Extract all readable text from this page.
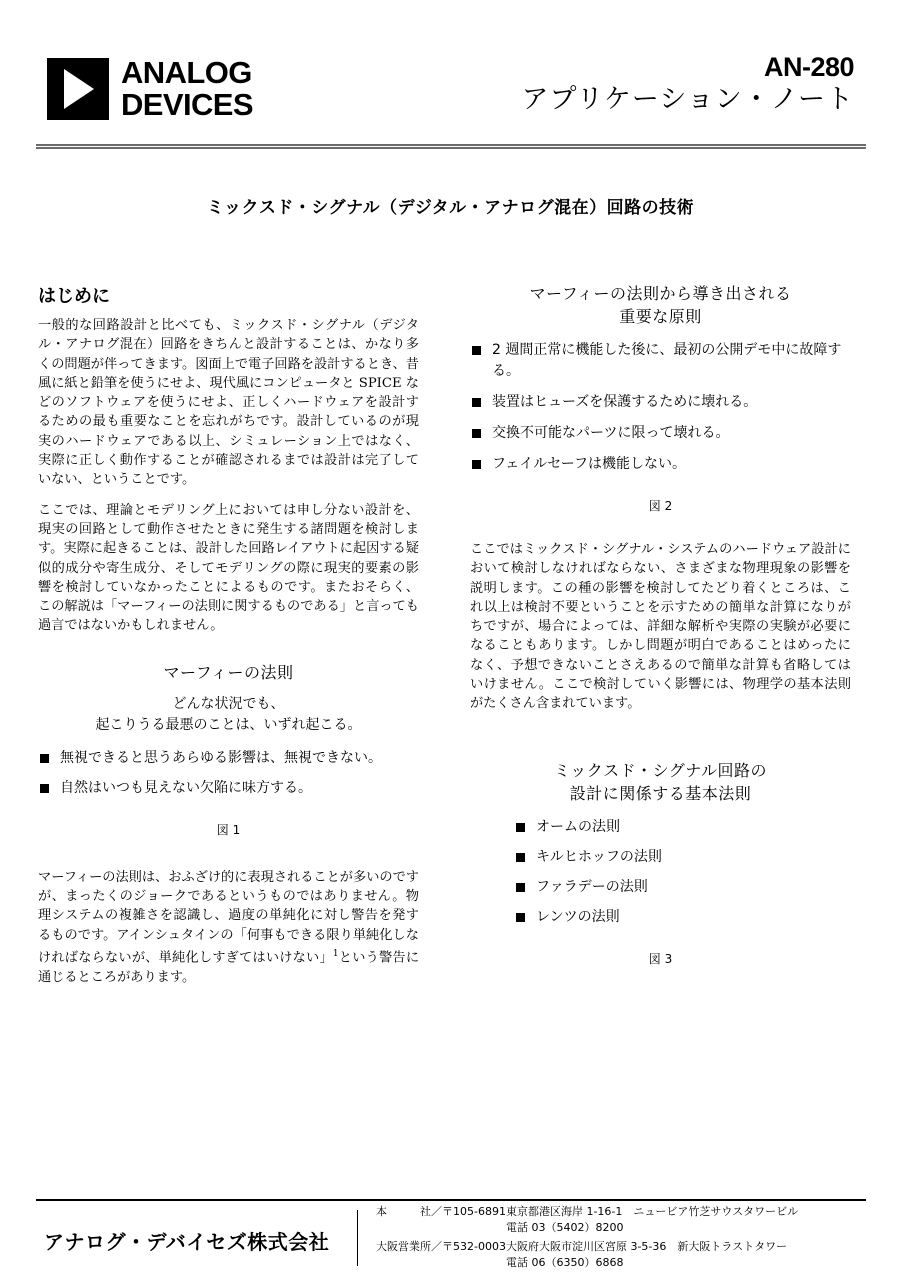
ANALOG
DEVICES
AN-280
アプリケーション・ノート
ミックスド・シグナル（デジタル・アナログ混在）回路の技術
はじめに

一般的な回路設計と比べても、ミックスド・シグナル（デジタル・アナログ混在）回路をきちんと設計することは、かなり多くの問題が伴ってきます。図面上で電子回路を設計するとき、昔風に紙と鉛筆を使うにせよ、現代風にコンピュータと SPICE などのソフトウェアを使うにせよ、正しくハードウェアを設計するための最も重要なことを忘れがちです。設計しているのが現実のハードウェアである以上、シミュレーション上ではなく、実際に正しく動作することが確認されるまでは設計は完了していない、ということです。

ここでは、理論とモデリング上においては申し分ない設計を、現実の回路として動作させたときに発生する諸問題を検討します。実際に起きることは、設計した回路レイアウトに起因する疑似的成分や寄生成分、そしてモデリングの際に現実的要素の影響を検討していなかったことによるものです。またおそらく、この解説は「マーフィーの法則に関するものである」と言っても過言ではないかもしれません。

マーフィーの法則
どんな状況でも、
起こりうる最悪のことは、いずれ起こる。
無視できると思うあらゆる影響は、無視できない。
自然はいつも見えない欠陥に味方する。
図 1

マーフィーの法則は、おふざけ的に表現されることが多いのですが、まったくのジョークであるというものではありません。物理システムの複雑さを認識し、過度の単純化に対し警告を発するものです。アインシュタインの「何事もできる限り単純化しなければならないが、単純化しすぎてはいけない」$^1$という警告に通じるところがあります。

マーフィーの法則から導き出される
重要な原則
2 週間正常に機能した後に、最初の公開デモ中に故障する。
装置はヒューズを保護するために壊れる。
交換不可能なパーツに限って壊れる。
フェイルセーフは機能しない。
図 2

ここではミックスド・シグナル・システムのハードウェア設計において検討しなければならない、さまざまな物理現象の影響を説明します。この種の影響を検討してたどり着くところは、これ以上は検討不要ということを示すための簡単な計算になりがちですが、場合によっては、詳細な解析や実際の実験が必要になることもあります。しかし問題が明白であることはめったになく、予想できないことさえあるので簡単な計算も省略してはいけません。ここで検討していく影響には、物理学の基本法則がたくさん含まれています。

ミックスド・シグナル回路の
設計に関係する基本法則
オームの法則
キルヒホッフの法則
ファラデーの法則
レンツの法則
図 3
アナログ・デバイセズ株式会社
本　　　社／〒105-6891 東京都港区海岸 1-16-1　ニュービア竹芝サウスタワービル
電話 03（5402）8200
大阪営業所／〒532-0003 大阪府大阪市淀川区宮原 3-5-36　新大阪トラストタワー
電話 06（6350）6868
